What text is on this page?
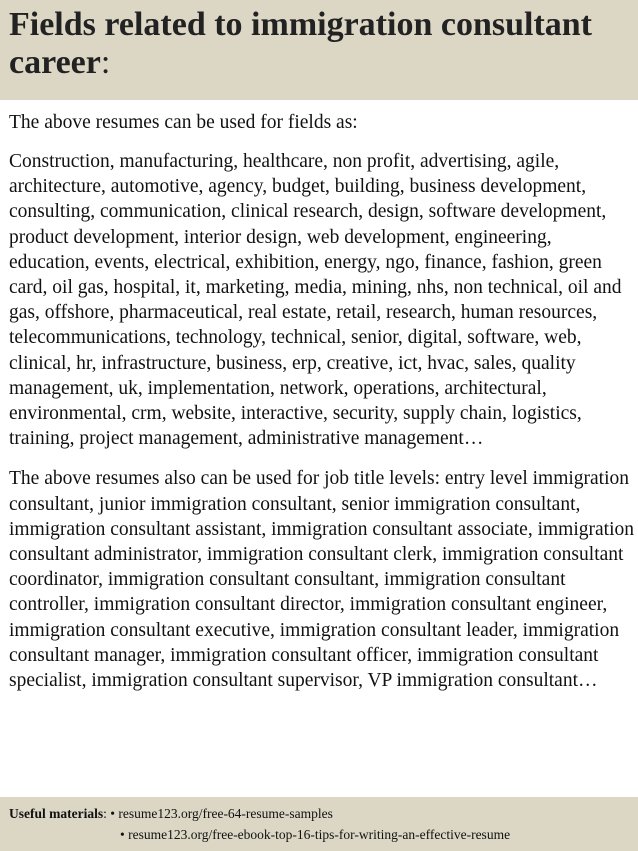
Fields related to immigration consultant career:

The above resumes can be used for fields as:

Construction, manufacturing, healthcare, non profit, advertising, agile, architecture, automotive, agency, budget, building, business development, consulting, communication, clinical research, design, software development, product development, interior design, web development, engineering, education, events, electrical, exhibition, energy, ngo, finance, fashion, green card, oil gas, hospital, it, marketing, media, mining, nhs, non technical, oil and gas, offshore, pharmaceutical, real estate, retail, research, human resources, telecommunications, technology, technical, senior, digital, software, web, clinical, hr, infrastructure, business, erp, creative, ict, hvac, sales, quality management, uk, implementation, network, operations, architectural, environmental, crm, website, interactive, security, supply chain, logistics, training, project management, administrative management…

The above resumes also can be used for job title levels: entry level immigration consultant, junior immigration consultant, senior immigration consultant, immigration consultant assistant, immigration consultant associate, immigration consultant administrator, immigration consultant clerk, immigration consultant coordinator, immigration consultant consultant, immigration consultant controller, immigration consultant director, immigration consultant engineer, immigration consultant executive, immigration consultant leader, immigration consultant manager, immigration consultant officer, immigration consultant specialist, immigration consultant supervisor, VP immigration consultant…

Useful materials : • resume123.org/free-64-resume-samples
• resume123.org/free-ebook-top-16-tips-for-writing-an-effective-resume
